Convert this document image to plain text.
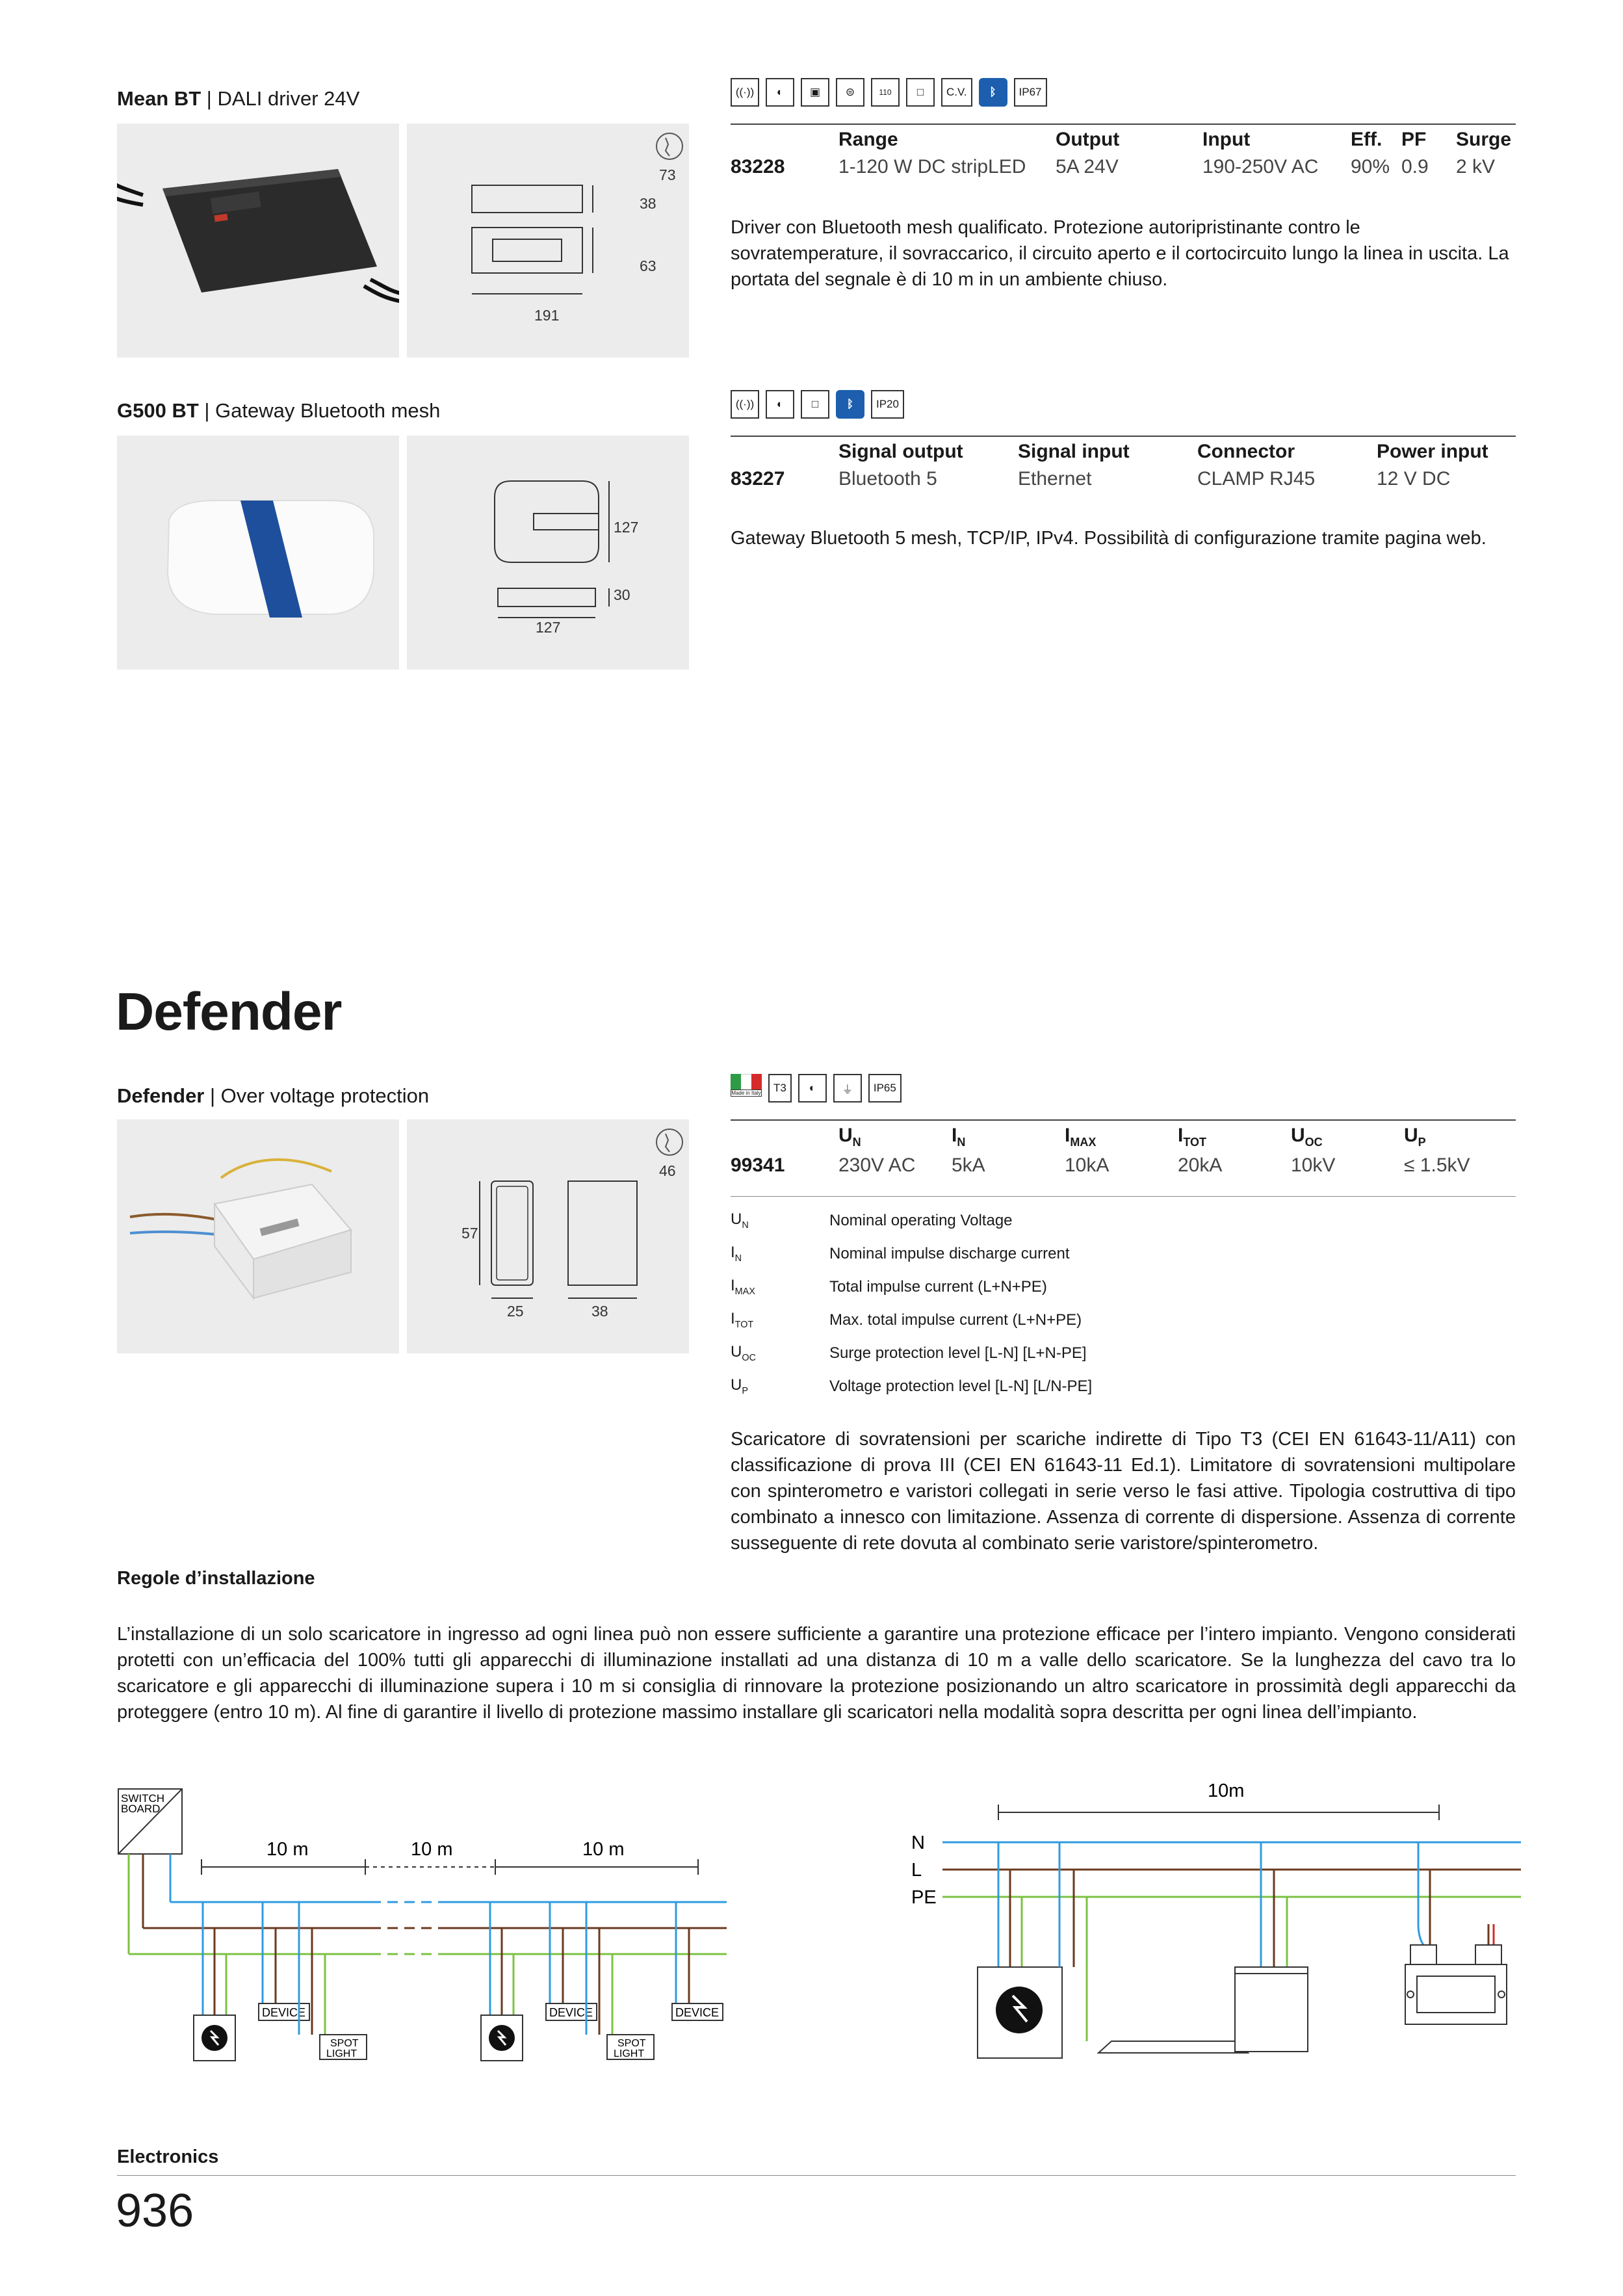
Mean BT | DALI driver 24V
73
38
63
191
((·))	◐	▣	⊜	110	□	C.V.	ᛒ	IP67
	Range	Output	Input	Eff.	PF	Surge
83228	1-120 W DC stripLED	5A 24V	190-250V AC	90%	0.9	2 kV
Driver con Bluetooth mesh qualificato. Protezione autoripristinante contro le sovratemperature, il sovraccarico, il circuito aperto e il cortocircuito lungo la linea in uscita. La portata del segnale è di 10 m in un ambiente chiuso.
G500 BT | Gateway Bluetooth mesh
127
30
127
((·))	◐	□	ᛒ	IP20
	Signal output	Signal input	Connector	Power input
83227	Bluetooth 5	Ethernet	CLAMP RJ45	12 V DC
Gateway Bluetooth 5 mesh, TCP/IP, IPv4. Possibilità di configurazione tramite pagina web.
Defender
Defender | Over voltage protection
46
57
25	38
Made in Italy	T3	◐	⏚	IP65
	$U_N$	$I_N$	$I_{MAX}$	$I_{TOT}$	$U_{OC}$	$U_P$
99341	230V AC	5kA	10kA	20kA	10kV	≤ 1.5kV
$U_N$	Nominal operating Voltage
$I_N$	Nominal impulse discharge current
$I_{MAX}$	Total impulse current (L+N+PE)
$I_{TOT}$	Max. total impulse current (L+N+PE)
$U_{OC}$	Surge protection level [L-N] [L+N-PE]
$U_P$	Voltage protection level [L-N] [L/N-PE]
Scaricatore di sovratensioni per scariche indirette di Tipo T3 (CEI EN 61643-11/A11) con classificazione di prova III (CEI EN 61643-11 Ed.1). Limitatore di sovratensioni multipolare con spinterometro e varistori collegati in serie verso le fasi attive. Tipologia costruttiva di tipo combinato a innesco con limitazione. Assenza di corrente di dispersione. Assenza di corrente susseguente di rete dovuta al combinato serie varistore/spinterometro.
Regole d’installazione
L’installazione di un solo scaricatore in ingresso ad ogni linea può non essere sufficiente a garantire una protezione efficace per l’intero impianto. Vengono considerati protetti con un’efficacia del 100% tutti gli apparecchi di illuminazione installati ad una distanza di 10 m a valle dello scaricatore. Se la lunghezza del cavo tra lo scaricatore e gli apparecchi di illuminazione supera i 10 m si consiglia di rinnovare la protezione posizionando un altro scaricatore in prossimità degli apparecchi da proteggere (entro 10 m). Al fine di garantire il livello di protezione massimo installare gli scaricatori nella modalità sopra descritta per ogni linea dell’impianto.
SWITCH
BOARD
10 m	10 m	10 m
DEVICE
SPOT
LIGHT
DEVICE
SPOT
LIGHT
DEVICE
10m
N
L
PE
Electronics
936
